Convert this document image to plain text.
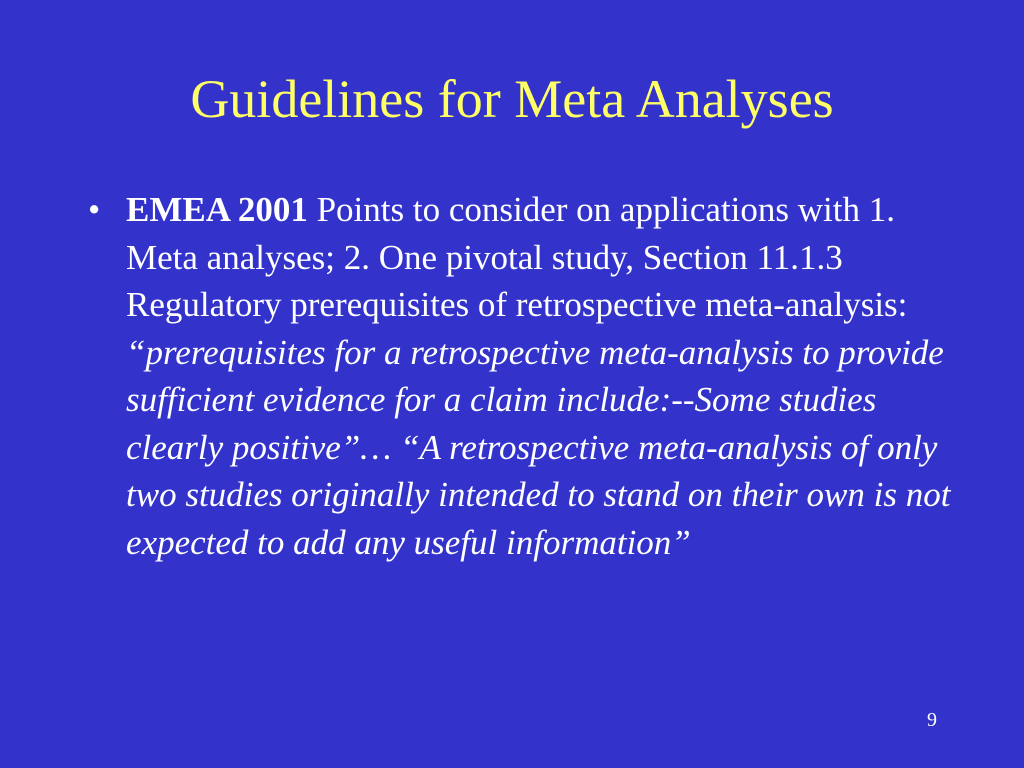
Guidelines for Meta Analyses
• EMEA 2001 Points to consider on applications with 1. Meta analyses; 2. One pivotal study, Section 11.1.3 Regulatory prerequisites of retrospective meta-analysis: “prerequisites for a retrospective meta-analysis to provide sufficient evidence for a claim include:--Some studies clearly positive”… “A retrospective meta-analysis of only two studies originally intended to stand on their own is not expected to add any useful information”
9
